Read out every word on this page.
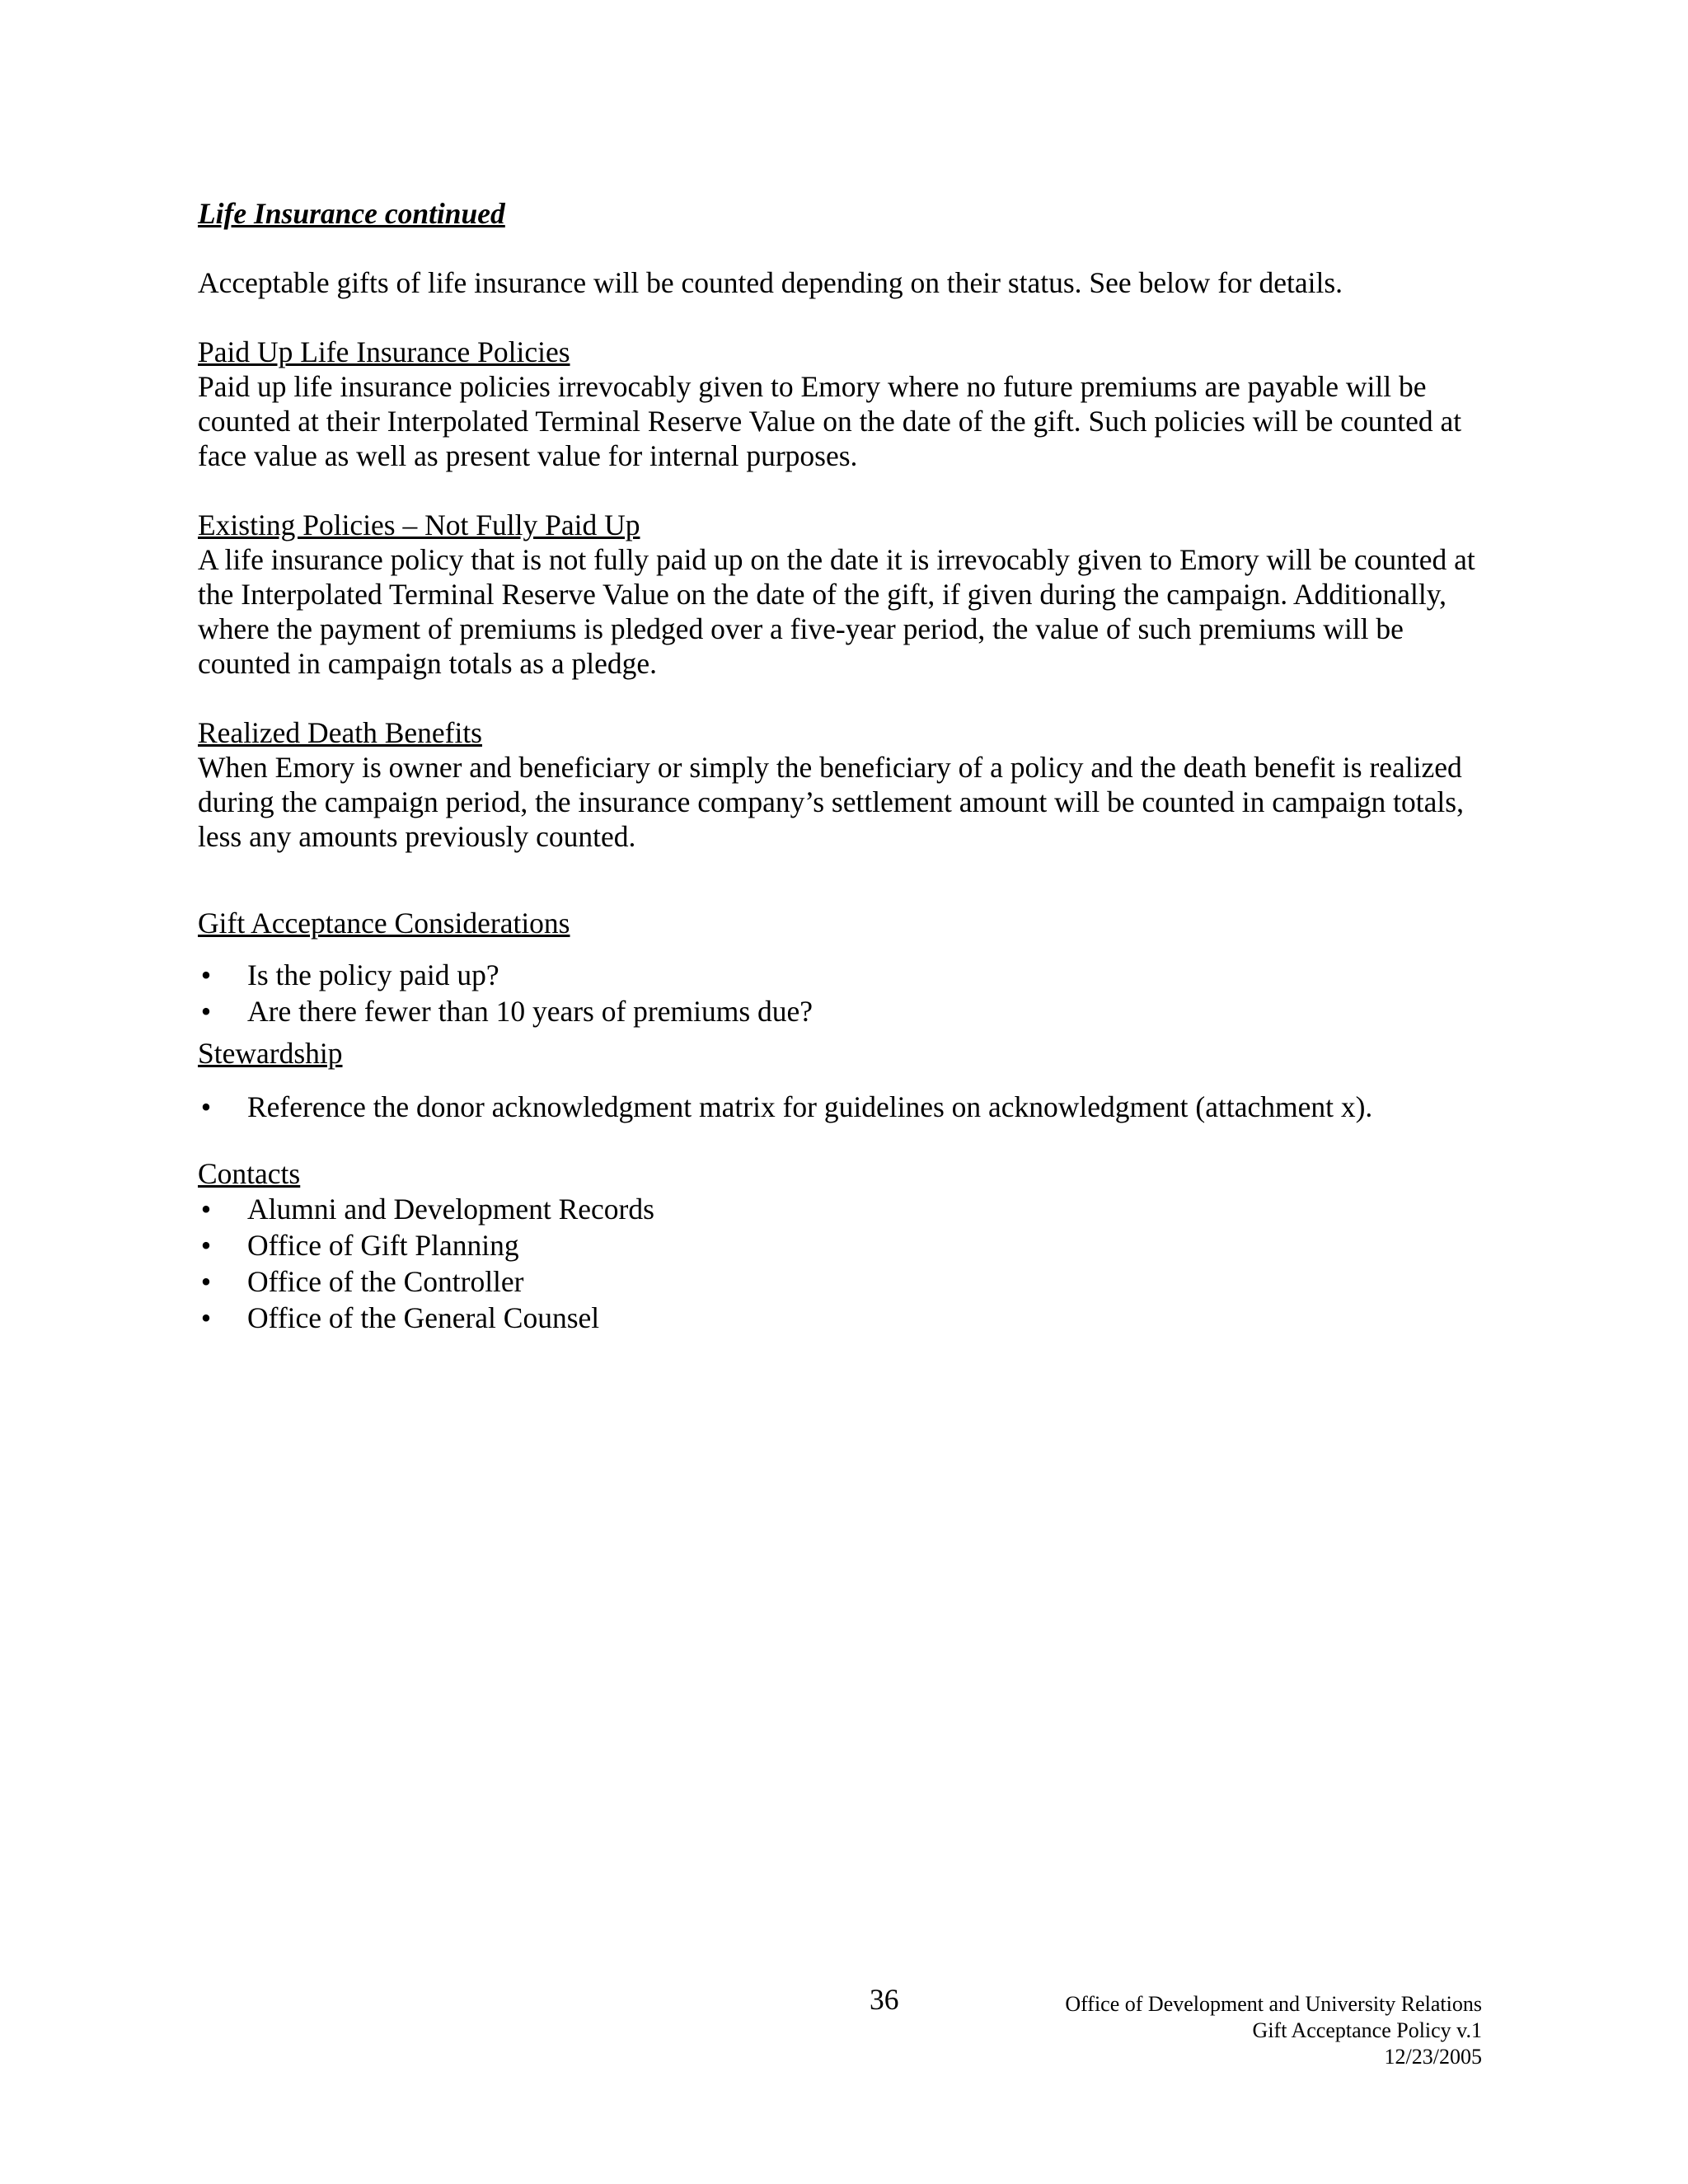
Life Insurance continued

Acceptable gifts of life insurance will be counted depending on their status. See below for details.

Paid Up Life Insurance Policies

Paid up life insurance policies irrevocably given to Emory where no future premiums are payable will be counted at their Interpolated Terminal Reserve Value on the date of the gift. Such policies will be counted at face value as well as present value for internal purposes.

Existing Policies – Not Fully Paid Up

A life insurance policy that is not fully paid up on the date it is irrevocably given to Emory will be counted at the Interpolated Terminal Reserve Value on the date of the gift, if given during the campaign. Additionally, where the payment of premiums is pledged over a five-year period, the value of such premiums will be counted in campaign totals as a pledge.

Realized Death Benefits

When Emory is owner and beneficiary or simply the beneficiary of a policy and the death benefit is realized during the campaign period, the insurance company’s settlement amount will be counted in campaign totals, less any amounts previously counted.

Gift Acceptance Considerations

• Is the policy paid up?
• Are there fewer than 10 years of premiums due?

Stewardship

• Reference the donor acknowledgment matrix for guidelines on acknowledgment (attachment x).

Contacts

• Alumni and Development Records
• Office of Gift Planning
• Office of the Controller
• Office of the General Counsel
36	Office of Development and University Relations
Gift Acceptance Policy v.1
12/23/2005
